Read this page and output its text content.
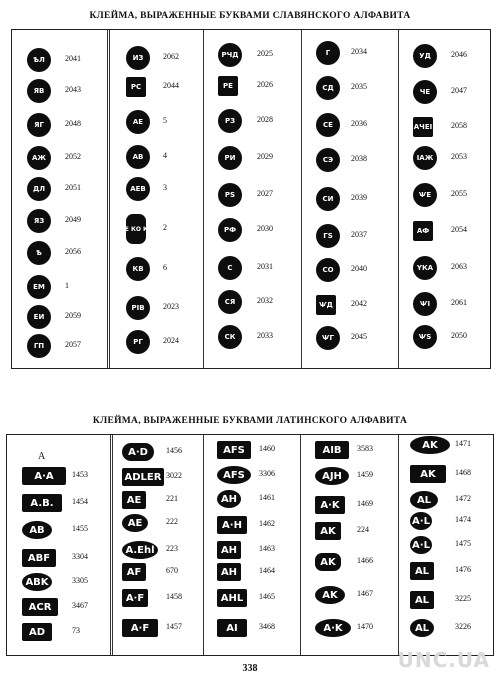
КЛЕЙМА, ВЫРАЖЕННЫЕ БУКВАМИ СЛАВЯНСКОГО АЛФАВИТА
КЛЕЙМА, ВЫРАЖЕННЫЕ БУКВАМИ ЛАТИНСКОГО АЛФАВИТА
338	UNC.UA
ѢЛ	2041
ЯВ	2043
ЯГ	2048
АЖ	2052
ДЛ	2051
ЯЗ	2049
Ѣ	2056
ЕМ	1
ЕИ	2059
ГП	2057
ИЗ	2062
РС	2044
АЕ	5
АВ	4
АЕВ	3
ЛЕ КО КЗ 2
КВ	6
РІВ	2023
РГ	2024
РЧД	2025
РЕ	2026
РЗ	2028
РИ	2029
РS	2027
РФ	2030
С	2031
СЯ	2032
СК	2033
Г	2034
СД	2035
СЕ	2036
СЭ	2038
СИ	2039
ГS	2037
СО	2040
ѰД	2042
ѰГ	2045
УД	2046
ЧЕ	2047
АЧЕІ 2058
ІАЖ	2053
ѰЕ	2055
АФ	2054
ҮКА	2063
ѰІ	2061
ѰЅ	2050
A·A	1453
A.B.	1454
AB	1455
ABF	3304
ABK	3305
ACR	3467
AD	73
A·D	1456
ADLER 3022
AE	221
AE	222
A.Ehl	223
AF	670
A·F	1458
A·F	1457
AFS	1460
AFS	3306
AH	1461
A·H	1462
AH	1463
AH	1464
AHL	1465
AI	3468
AIB	3583
AJH	1459
A·K	1469
AK	224
AK	1466
AK	1467
A·K	1470
AK	1471
AK	1468
AL	1472
A·L	1474
A·L	1475
AL	1476
AL	3225
AL	3226
A
